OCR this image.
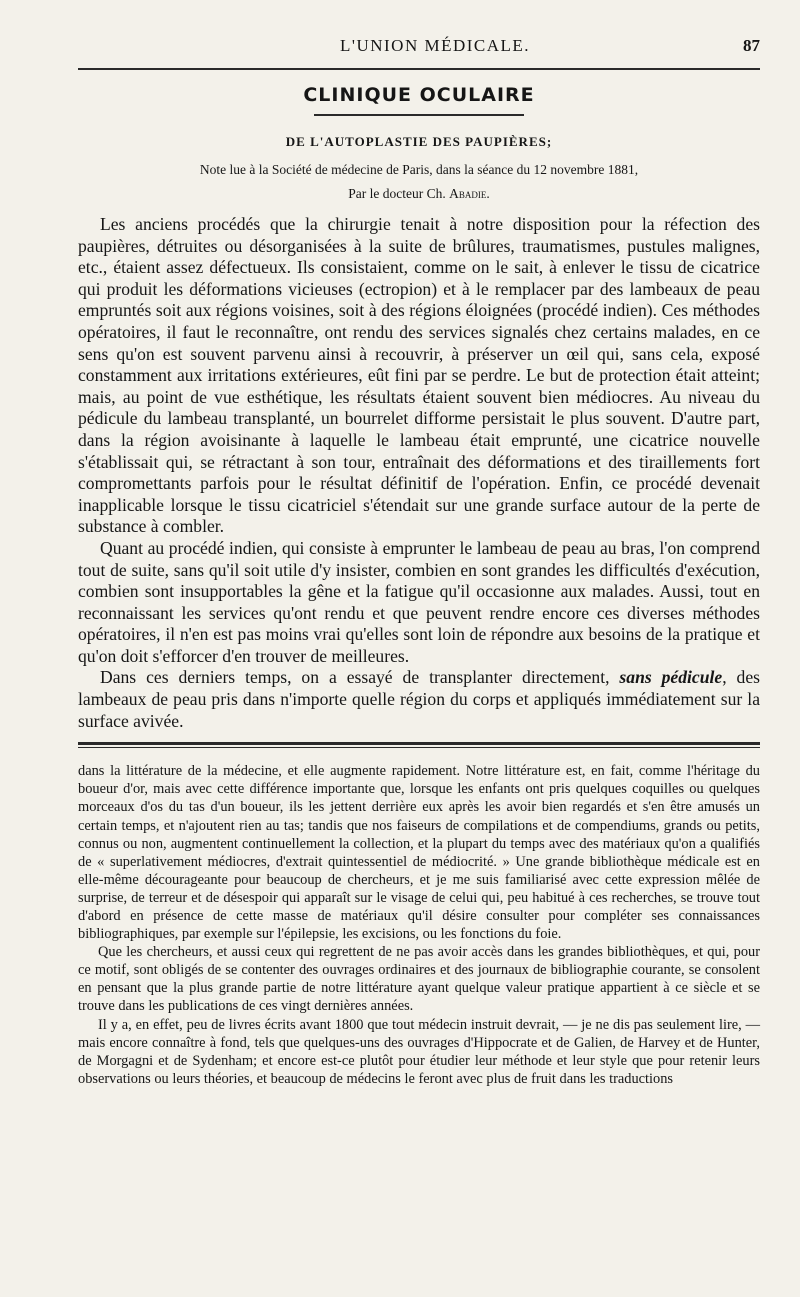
L'UNION MÉDICALE.	87
CLINIQUE OCULAIRE
DE L'AUTOPLASTIE DES PAUPIÈRES;
Note lue à la Société de médecine de Paris, dans la séance du 12 novembre 1881,
Par le docteur Ch. Abadie.

Les anciens procédés que la chirurgie tenait à notre disposition pour la réfection des paupières, détruites ou désorganisées à la suite de brûlures, traumatismes, pustules malignes, etc., étaient assez défectueux. Ils consistaient, comme on le sait, à enlever le tissu de cicatrice qui produit les déformations vicieuses (ectropion) et à le remplacer par des lambeaux de peau empruntés soit aux régions voisines, soit à des régions éloignées (procédé indien). Ces méthodes opératoires, il faut le reconnaître, ont rendu des services signalés chez certains malades, en ce sens qu'on est souvent parvenu ainsi à recouvrir, à préserver un œil qui, sans cela, exposé constamment aux irritations extérieures, eût fini par se perdre. Le but de protection était atteint; mais, au point de vue esthétique, les résultats étaient souvent bien médiocres. Au niveau du pédicule du lambeau transplanté, un bourrelet difforme persistait le plus souvent. D'autre part, dans la région avoisinante à laquelle le lambeau était emprunté, une cicatrice nouvelle s'établissait qui, se rétractant à son tour, entraînait des déformations et des tiraillements fort compromettants parfois pour le résultat définitif de l'opération. Enfin, ce procédé devenait inapplicable lorsque le tissu cicatriciel s'étendait sur une grande surface autour de la perte de substance à combler.

Quant au procédé indien, qui consiste à emprunter le lambeau de peau au bras, l'on comprend tout de suite, sans qu'il soit utile d'y insister, combien en sont grandes les difficultés d'exécution, combien sont insupportables la gêne et la fatigue qu'il occasionne aux malades. Aussi, tout en reconnaissant les services qu'ont rendu et que peuvent rendre encore ces diverses méthodes opératoires, il n'en est pas moins vrai qu'elles sont loin de répondre aux besoins de la pratique et qu'on doit s'efforcer d'en trouver de meilleures.

Dans ces derniers temps, on a essayé de transplanter directement, sans pédicule, des lambeaux de peau pris dans n'importe quelle région du corps et appliqués immédiatement sur la surface avivée.

dans la littérature de la médecine, et elle augmente rapidement. Notre littérature est, en fait, comme l'héritage du boueur d'or, mais avec cette différence importante que, lorsque les enfants ont pris quelques coquilles ou quelques morceaux d'os du tas d'un boueur, ils les jettent derrière eux après les avoir bien regardés et s'en être amusés un certain temps, et n'ajoutent rien au tas; tandis que nos faiseurs de compilations et de compendiums, grands ou petits, connus ou non, augmentent continuellement la collection, et la plupart du temps avec des matériaux qu'on a qualifiés de « superlativement médiocres, d'extrait quintessentiel de médiocrité. » Une grande bibliothèque médicale est en elle-même décourageante pour beaucoup de chercheurs, et je me suis familiarisé avec cette expression mêlée de surprise, de terreur et de désespoir qui apparaît sur le visage de celui qui, peu habitué à ces recherches, se trouve tout d'abord en présence de cette masse de matériaux qu'il désire consulter pour compléter ses connaissances bibliographiques, par exemple sur l'épilepsie, les excisions, ou les fonctions du foie.

Que les chercheurs, et aussi ceux qui regrettent de ne pas avoir accès dans les grandes bibliothèques, et qui, pour ce motif, sont obligés de se contenter des ouvrages ordinaires et des journaux de bibliographie courante, se consolent en pensant que la plus grande partie de notre littérature ayant quelque valeur pratique appartient à ce siècle et se trouve dans les publications de ces vingt dernières années.

Il y a, en effet, peu de livres écrits avant 1800 que tout médecin instruit devrait, — je ne dis pas seulement lire, — mais encore connaître à fond, tels que quelques-uns des ouvrages d'Hippocrate et de Galien, de Harvey et de Hunter, de Morgagni et de Sydenham; et encore est-ce plutôt pour étudier leur méthode et leur style que pour retenir leurs observations ou leurs théories, et beaucoup de médecins le feront avec plus de fruit dans les traductions
